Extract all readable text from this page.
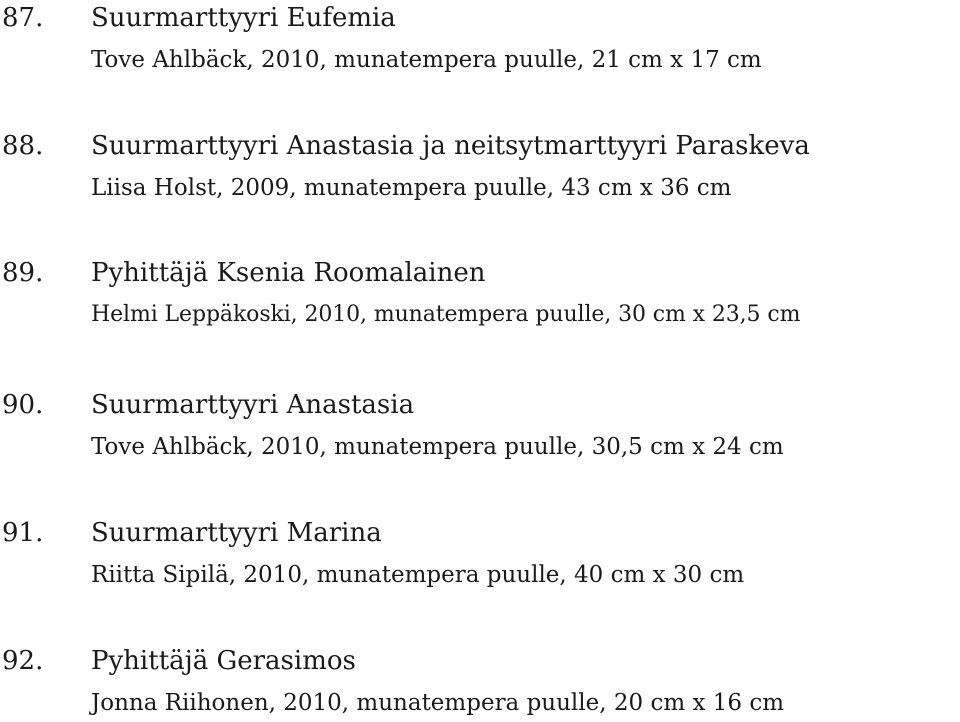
87. Suurmarttyyri Eufemia
Tove Ahlbäck, 2010, munatempera puulle, 21 cm x 17 cm
88. Suurmarttyyri Anastasia ja neitsytmarttyyri Paraskeva
Liisa Holst, 2009, munatempera puulle, 43 cm x 36 cm
89. Pyhittäjä Ksenia Roomalainen
Helmi Leppäkoski, 2010, munatempera puulle, 30 cm x 23,5 cm
90. Suurmarttyyri Anastasia
Tove Ahlbäck, 2010, munatempera puulle, 30,5 cm x 24 cm
91. Suurmarttyyri Marina
Riitta Sipilä, 2010, munatempera puulle, 40 cm x 30 cm
92. Pyhittäjä Gerasimos
Jonna Riihonen, 2010, munatempera puulle, 20 cm x 16 cm
